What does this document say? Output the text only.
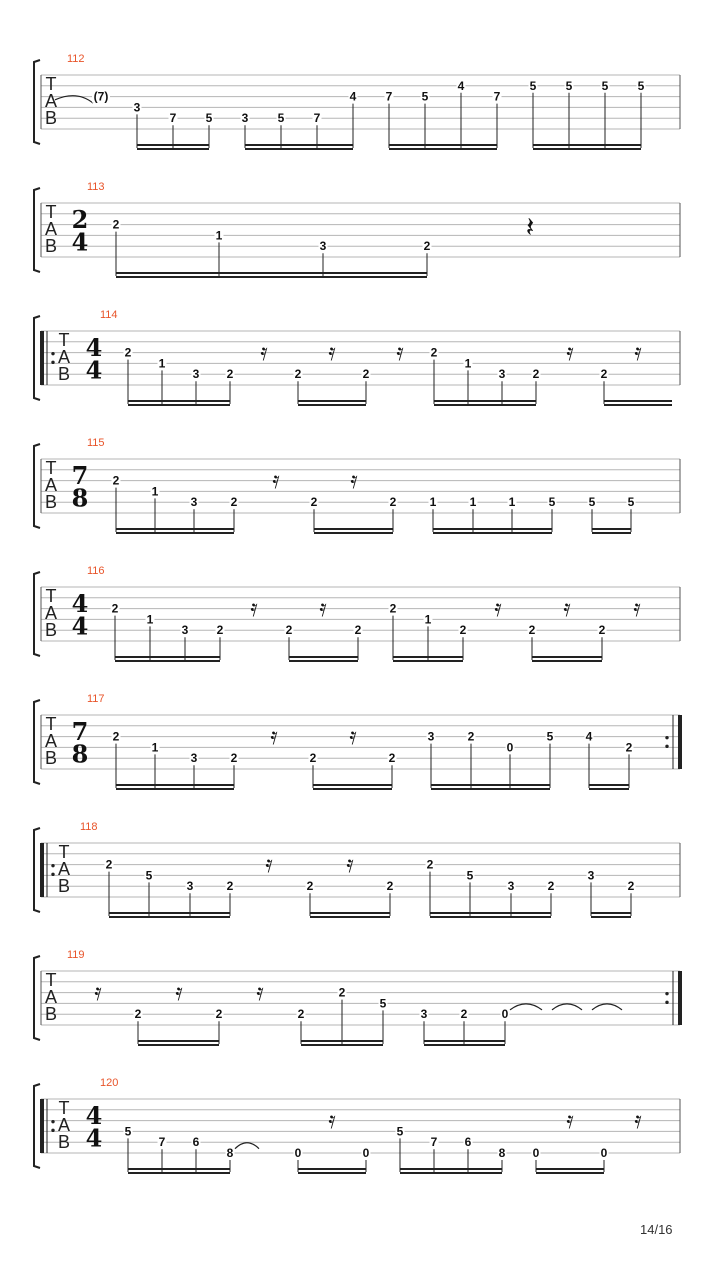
112
T
A
B
(7)
3
7 5 3 5 7
4 7 5
4
7
5 5 5 5
113
T
A
B
2
4
2
1
3	2
𝄽
114
T
A
B
4
4
2
1
3 2	2	2
2
1
3 2	2
𝄿	𝄿	𝄿	𝄿	𝄿
115
T
A
B
7
8
2
1
3	2	2	2	1	1	1	5	5	5
𝄿	𝄿
116
T
A
B
4
4
2
1
3 2	2	2
2
1
2	2	2
𝄿	𝄿	𝄿	𝄿	𝄿
117
T
A
B
7
8
2
1
3	2	2	2
3	2
0
5	4
2
𝄿	𝄿
118
T
A
B
2
5
3	2	2	2
2
5
3	2
3
2
𝄿	𝄿
119
T
A
B	2	2	2
2
5
3	2	0
𝄿	𝄿	𝄿
120
T
A
B
4
4 5
7 6
8	0	0
5
7 6
8 0	0
𝄿	𝄿	𝄿
14/16
